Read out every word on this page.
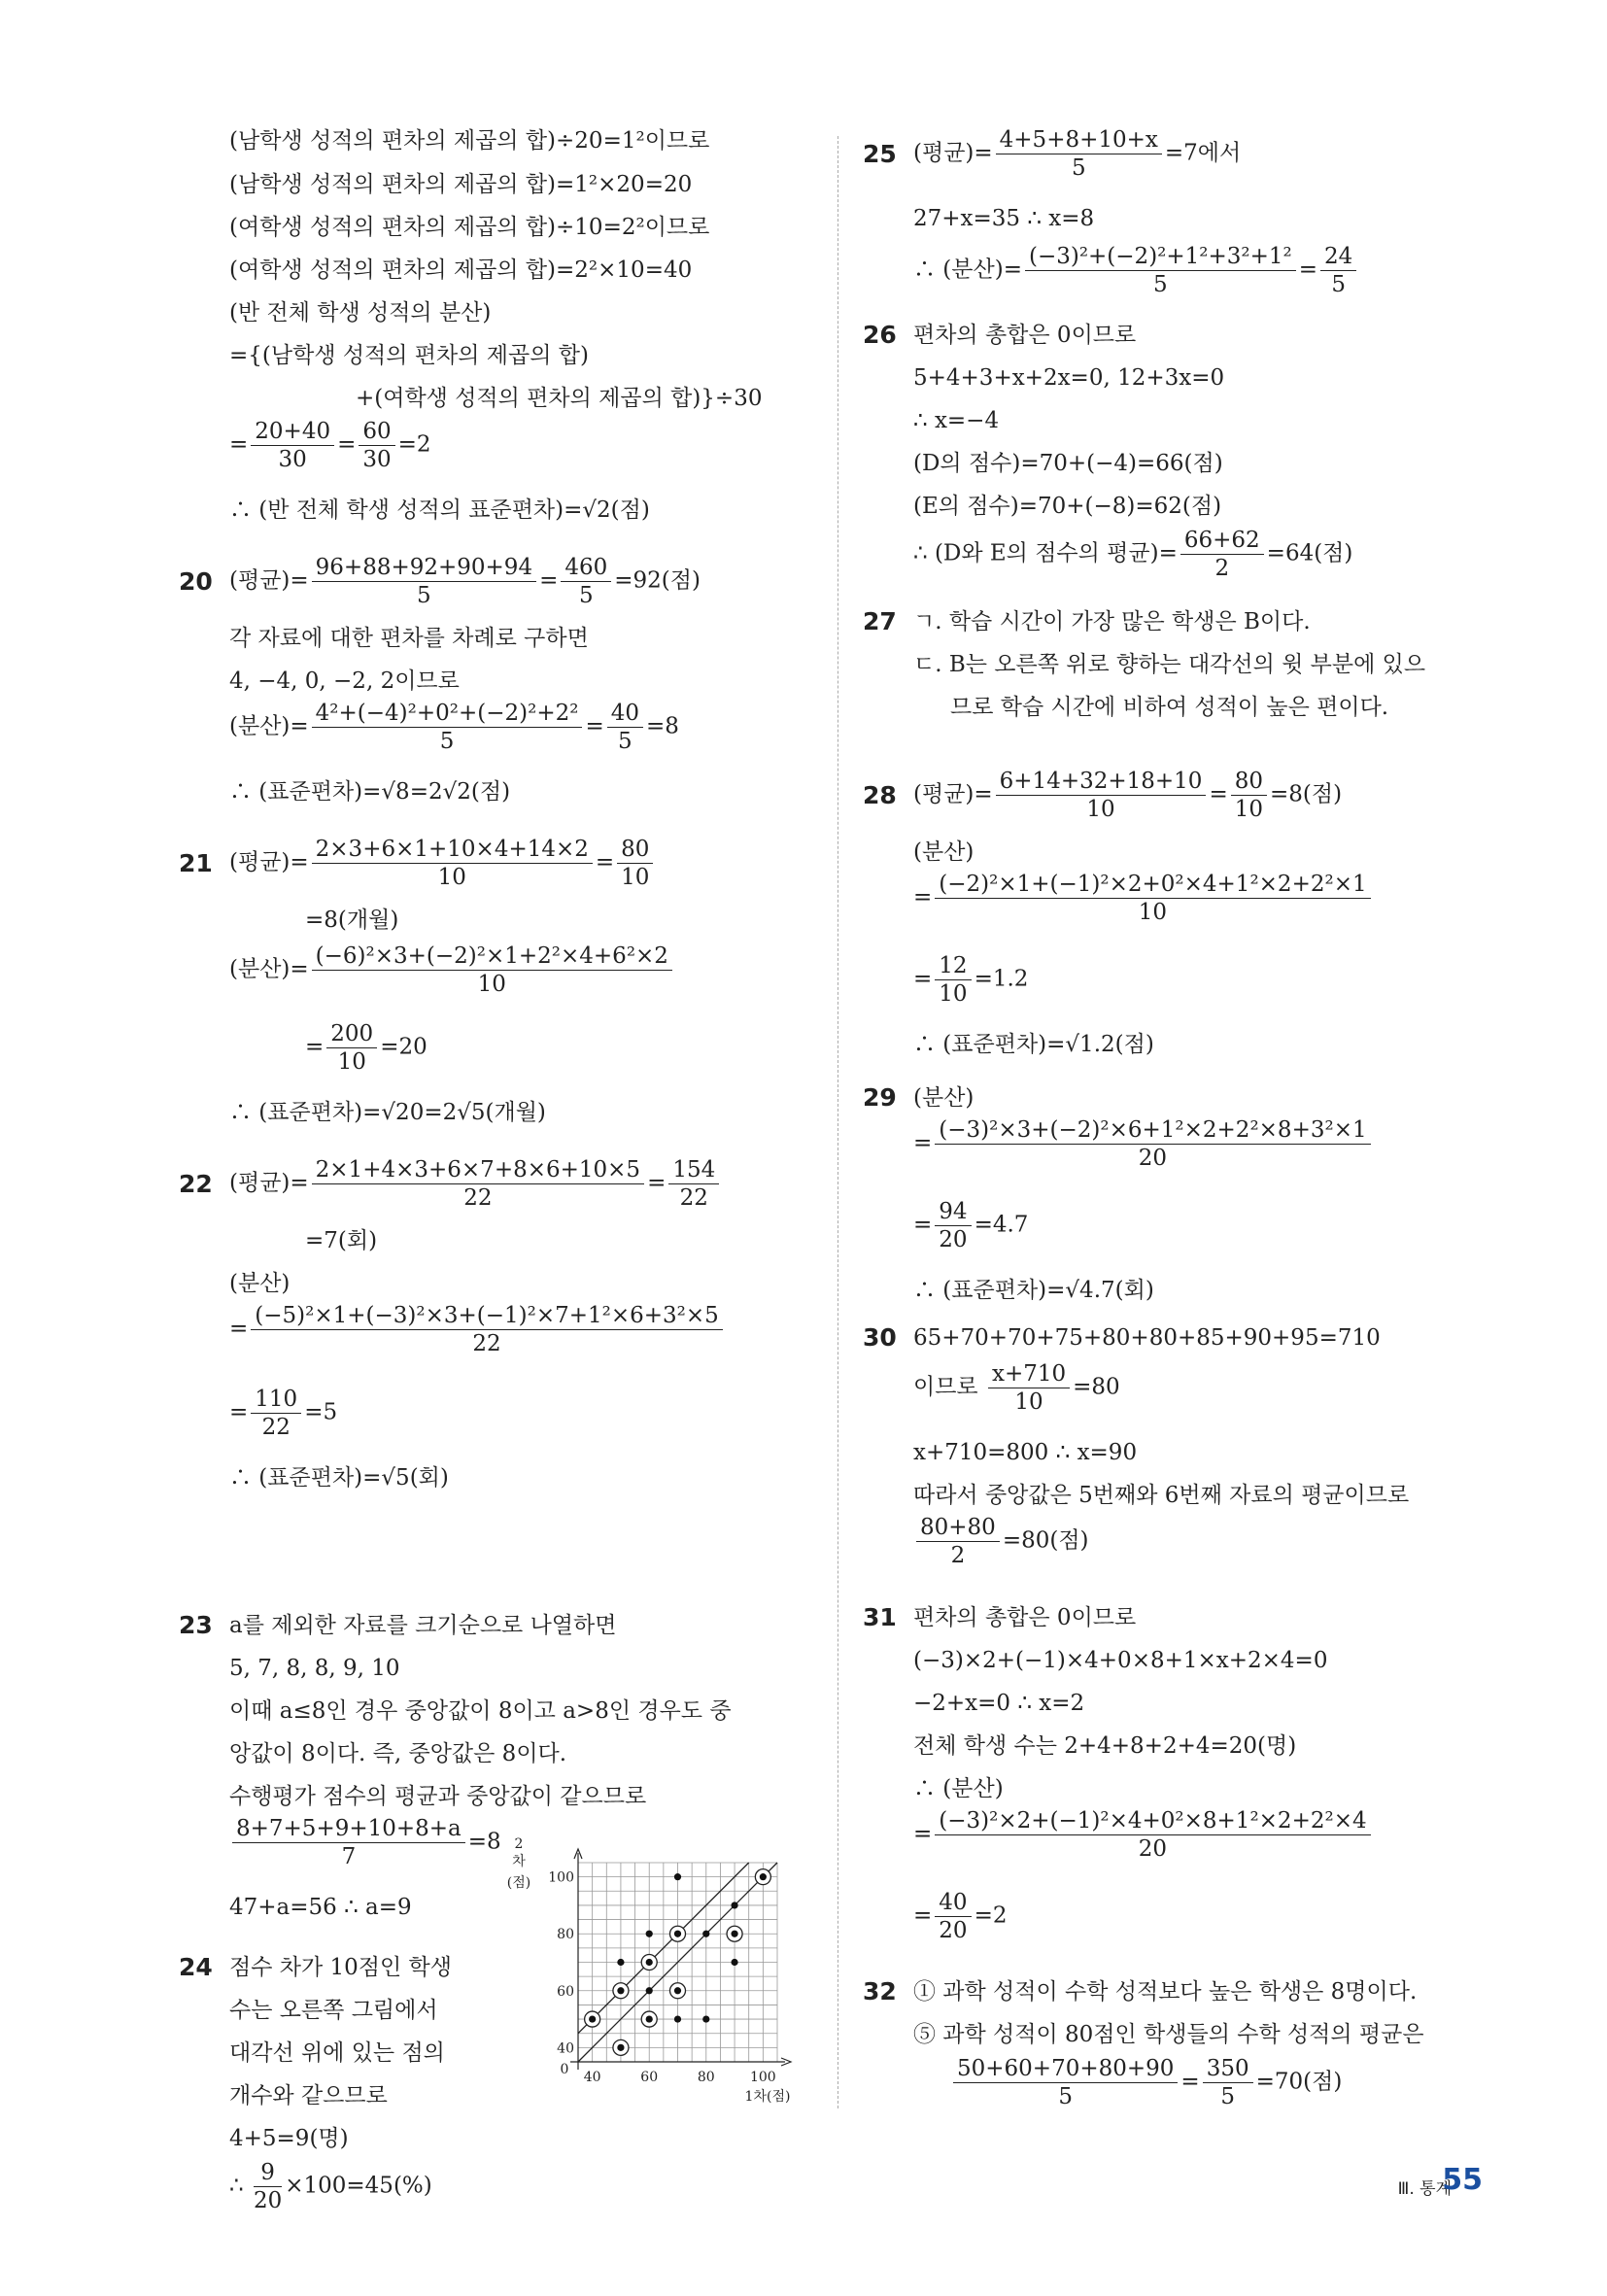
(남학생 성적의 편차의 제곱의 합)÷20=1²이므로
(남학생 성적의 편차의 제곱의 합)=1²×20=20
(여학생 성적의 편차의 제곱의 합)÷10=2²이므로
(여학생 성적의 편차의 제곱의 합)=2²×10=40
(반 전체 학생 성적의 분산)
={(남학생 성적의 편차의 제곱의 합)
+(여학생 성적의 편차의 제곱의 합)}÷30
= $\frac{20+40}{30} = \frac{60}{30} =2$
∴ (반 전체 학생 성적의 표준편차)=√2(점)
20 (평균)= $\frac{96+88+92+90+94}{5} = \frac{460}{5} =92$(점)
각 자료에 대한 편차를 차례로 구하면
4, −4, 0, −2, 2이므로
(분산)= $\frac{\text{4²+(−4)²+0²+(−2)²+2²}}{5} = \frac{40}{5} =8$
∴ (표준편차)=√8=2√2(점)
21 (평균)= $\frac{2\times 3+6\times 1+10\times 4+14\times 2}{10} = \frac{80}{10}$
=8(개월)
(분산)= $\frac{\text{(−6)²×3+(−2)²×1+2²×4+6²×2}}{10}$
= $\frac{200}{10} =20$
∴ (표준편차)=√20=2√5(개월)
22 (평균)= $\frac{2\times 1+4\times 3+6\times 7+8\times 6+10\times 5}{22} = \frac{154}{22}$
=7(회)
(분산)
= $\frac{\text{(−5)²×1+(−3)²×3+(−1)²×7+1²×6+3²×5}}{22}$
= $\frac{110}{22} =5$
∴ (표준편차)=√5(회)
23 a를 제외한 자료를 크기순으로 나열하면
5, 7, 8, 8, 9, 10
이때 a≤8인 경우 중앙값이 8이고 a>8인 경우도 중
앙값이 8이다. 즉, 중앙값은 8이다.
수행평가 점수의 평균과 중앙값이 같으므로
$\frac{8+7+5+9+10+8+a}{7} =8$
47+a=56 ∴ a=9
24 점수 차가 10점인 학생
수는 오른쪽 그림에서
대각선 위에 있는 점의
개수와 같으므로
4+5=9(명)
∴ $\frac{9}{20} \times 100=45(\%)$
40
60
80
100
0 40	60	80	100
2
차
(점)
1차(점)
25 (평균)= $\frac{4+5+8+10+x}{5} =7$에서
27+x=35 ∴ x=8
∴ (분산)= $\frac{\text{(−3)²+(−2)²+1²+3²+1²}}{5} = \frac{24}{5}$
26 편차의 총합은 0이므로
5+4+3+x+2x=0, 12+3x=0
∴ x=−4
(D의 점수)=70+(−4)=66(점)
(E의 점수)=70+(−8)=62(점)
∴ (D와 E의 점수의 평균)= $\frac{66+62}{2} =64$(점)
27 ㄱ. 학습 시간이 가장 많은 학생은 B이다.
ㄷ. B는 오른쪽 위로 향하는 대각선의 윗 부분에 있으
므로 학습 시간에 비하여 성적이 높은 편이다.
28 (평균)= $\frac{6+14+32+18+10}{10} = \frac{80}{10} =8$(점)
(분산)
= $\frac{\text{(−2)²×1+(−1)²×2+0²×4+1²×2+2²×1}}{10}$
= $\frac{12}{10} =1.2$
∴ (표준편차)=√1.2(점)
29 (분산)
= $\frac{\text{(−3)²×3+(−2)²×6+1²×2+2²×8+3²×1}}{20}$
= $\frac{94}{20} =4.7$
∴ (표준편차)=√4.7(회)
30 65+70+70+75+80+80+85+90+95=710
이므로 $\frac{x+710}{10} =80$
x+710=800 ∴ x=90
따라서 중앙값은 5번째와 6번째 자료의 평균이므로
$\frac{80+80}{2} =80$(점)
31 편차의 총합은 0이므로
(−3)×2+(−1)×4+0×8+1×x+2×4=0
−2+x=0 ∴ x=2
전체 학생 수는 2+4+8+2+4=20(명)
∴ (분산)
= $\frac{\text{(−3)²×2+(−1)²×4+0²×8+1²×2+2²×4}}{20}$
= $\frac{40}{20} =2$
32 ① 과학 성적이 수학 성적보다 높은 학생은 8명이다.
⑤ 과학 성적이 80점인 학생들의 수학 성적의 평균은
$\frac{50+60+70+80+90}{5} = \frac{350}{5} =70$(점)
Ⅲ. 통계
55
